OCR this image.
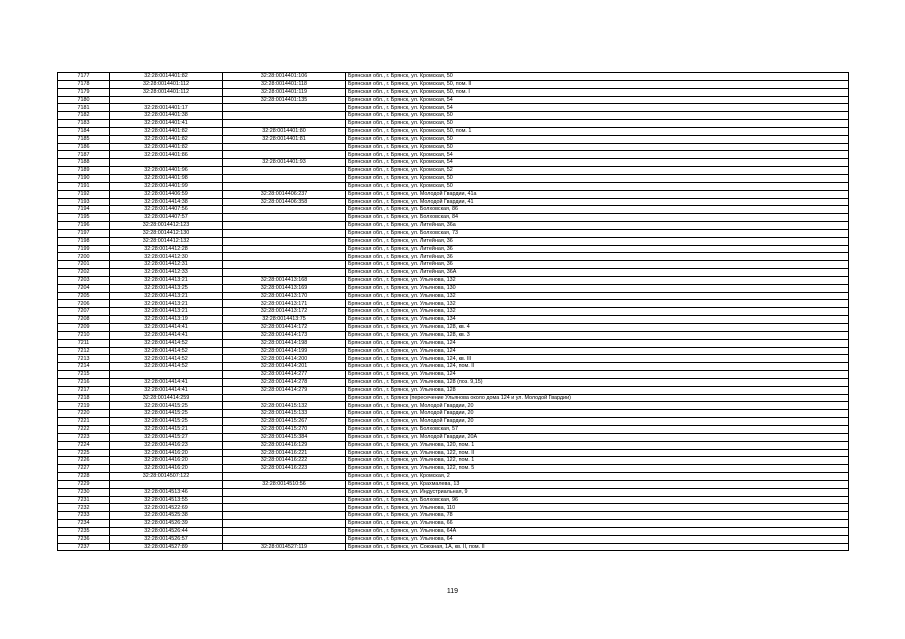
7177	32:28:0014401:82	32:28:0014401:106	Брянская обл., г. Брянск, ул. Кромская, 50
7178	32:28:0014401:112	32:28:0014401:118	Брянская обл., г. Брянск, ул. Кромская, 50, пом. II
7179	32:28:0014401:112	32:28:0014401:119	Брянская обл., г. Брянск, ул. Кромская, 50, пом. I
7180		32:28:0014401:135	Брянская обл., г. Брянск, ул. Кромская, 54
7181	32:28:0014401:17		Брянская обл., г. Брянск, ул. Кромская, 54
7182	32:28:0014401:38		Брянская обл., г. Брянск, ул. Кромская, 50
7183	32:28:0014401:41		Брянская обл., г. Брянск, ул. Кромская, 50
7184	32:28:0014401:82	32:28:0014401:80	Брянская обл., г. Брянск, ул. Кромская, 50, пом. 1
7185	32:28:0014401:82	32:28:0014401:81	Брянская обл., г. Брянск, ул. Кромская, 50
7186	32:28:0014401:82		Брянская обл., г. Брянск, ул. Кромская, 50
7187	32:28:0014401:86		Брянская обл., г. Брянск, ул. Кромская, 54
7188		32:28:0014401:93	Брянская обл., г. Брянск, ул. Кромская, 54
7189	32:28:0014401:96		Брянская обл., г. Брянск, ул. Кромская, 52
7190	32:28:0014401:98		Брянская обл., г. Брянск, ул. Кромская, 50
7191	32:28:0014401:99		Брянская обл., г. Брянск, ул. Кромская, 50
7192	32:28:0014406:59	32:28:0014406:237	Брянская обл., г. Брянск, ул. Молодой Гвардии, 41а
7193	32:28:0014414:38	32:28:0014406:358	Брянская обл., г. Брянск, ул. Молодой Гвардии, 41
7194	32:28:0014407:56		Брянская обл., г. Брянск, ул. Болховская, 86
7195	32:28:0014407:57		Брянская обл., г. Брянск, ул. Болховская, 84
7196	32:28:0014412:123		Брянская обл., г. Брянск, ул. Литейная, 36а
7197	32:28:0014412:130		Брянская обл., г. Брянск, ул. Болховская, 73
7198	32:28:0014412:132		Брянская обл., г. Брянск, ул. Литейная, 36
7199	32:28:0014412:28		Брянская обл., г. Брянск, ул. Литейная, 36
7200	32:28:0014412:30		Брянская обл., г. Брянск, ул. Литейная, 36
7201	32:28:0014412:31		Брянская обл., г. Брянск, ул. Литейная, 36
7202	32:28:0014412:33		Брянская обл., г. Брянск, ул. Литейная, 36А
7203	32:28:0014413:21	32:28:0014413:168	Брянская обл., г. Брянск, ул. Ульянова, 132
7204	32:28:0014413:25	32:28:0014413:169	Брянская обл., г. Брянск, ул. Ульянова, 130
7205	32:28:0014413:21	32:28:0014413:170	Брянская обл., г. Брянск, ул. Ульянова, 132
7206	32:28:0014413:21	32:28:0014413:171	Брянская обл., г. Брянск, ул. Ульянова, 132
7207	32:28:0014413:21	32:28:0014413:172	Брянская обл., г. Брянск, ул. Ульянова, 132
7208	32:28:0014413:19	32:28:0014413:75	Брянская обл., г. Брянск, ул. Ульянова, 134
7209	32:28:0014414:41	32:28:0014414:172	Брянская обл., г. Брянск, ул. Ульянова, 128, кв. 4
7210	32:28:0014414:41	32:28:0014414:173	Брянская обл., г. Брянск, ул. Ульянова, 128, кв. 3
7211	32:28:0014414:52	32:28:0014414:198	Брянская обл., г. Брянск, ул. Ульянова, 124
7212	32:28:0014414:52	32:28:0014414:199	Брянская обл., г. Брянск, ул. Ульянова, 124
7213	32:28:0014414:52	32:28:0014414:200	Брянская обл., г. Брянск, ул. Ульянова, 124, кв. III
7214	32:28:0014414:52	32:28:0014414:201	Брянская обл., г. Брянск, ул. Ульянова, 124, пом. II
7215		32:28:0014414:277	Брянская обл., г. Брянск, ул. Ульянова, 124
7216	32:28:0014414:41	32:28:0014414:278	Брянская обл., г. Брянск, ул. Ульянова, 128 (поз. 9,15)
7217	32:28:0014414:41	32:28:0014414:279	Брянская обл., г. Брянск, ул. Ульянова, 128
7218	32:28:0014414:259		Брянская обл., г. Брянск (пересечение Ульянова около дома 124 и ул. Молодой Гвардии)
7219	32:28:0014415:25	32:28:0014415:132	Брянская обл., г. Брянск, ул. Молодой Гвардии, 20
7220	32:28:0014415:25	32:28:0014415:133	Брянская обл., г. Брянск, ул. Молодой Гвардии, 20
7221	32:28:0014415:25	32:28:0014415:267	Брянская обл., г. Брянск, ул. Молодой Гвардии, 20
7222	32:28:0014415:21	32:28:0014415:270	Брянская обл., г. Брянск, ул. Болховская, 57
7223	32:28:0014415:27	32:28:0014415:384	Брянская обл., г. Брянск, ул. Молодой Гвардии, 20А
7224	32:28:0014416:23	32:28:0014416:129	Брянская обл., г. Брянск, ул. Ульянова, 120, пом. 1
7225	32:28:0014416:20	32:28:0014416:221	Брянская обл., г. Брянск, ул. Ульянова, 122, пом. II
7226	32:28:0014416:20	32:28:0014416:222	Брянская обл., г. Брянск, ул. Ульянова, 122, пом. 1
7227	32:28:0014416:20	32:28:0014416:223	Брянская обл., г. Брянск, ул. Ульянова, 122, пом. 5
7228	32:28:0014507:122		Брянская обл., г. Брянск, ул. Кромская, 2
7229		32:28:0014510:56	Брянская обл., г. Брянск, ул. Крахмалева, 13
7230	32:28:0014513:46		Брянская обл., г. Брянск, ул. Индустриальная, 9
7231	32:28:0014513:55		Брянская обл., г. Брянск, ул. Болховская, 96
7232	32:28:0014522:69		Брянская обл., г. Брянск, ул. Ульянова, 110
7233	32:28:0014525:38		Брянская обл., г. Брянск, ул. Ульянова, 78
7234	32:28:0014526:39		Брянская обл., г. Брянск, ул. Ульянова, 66
7235	32:28:0014526:44		Брянская обл., г. Брянск, ул. Ульянова, 64А
7236	32:28:0014526:57		Брянская обл., г. Брянск, ул. Ульянова, 64
7237	32:28:0014527:89	32:28:0014527:119	Брянская обл., г. Брянск, ул. Союзная, 1А, кв. II, пом. II
119
